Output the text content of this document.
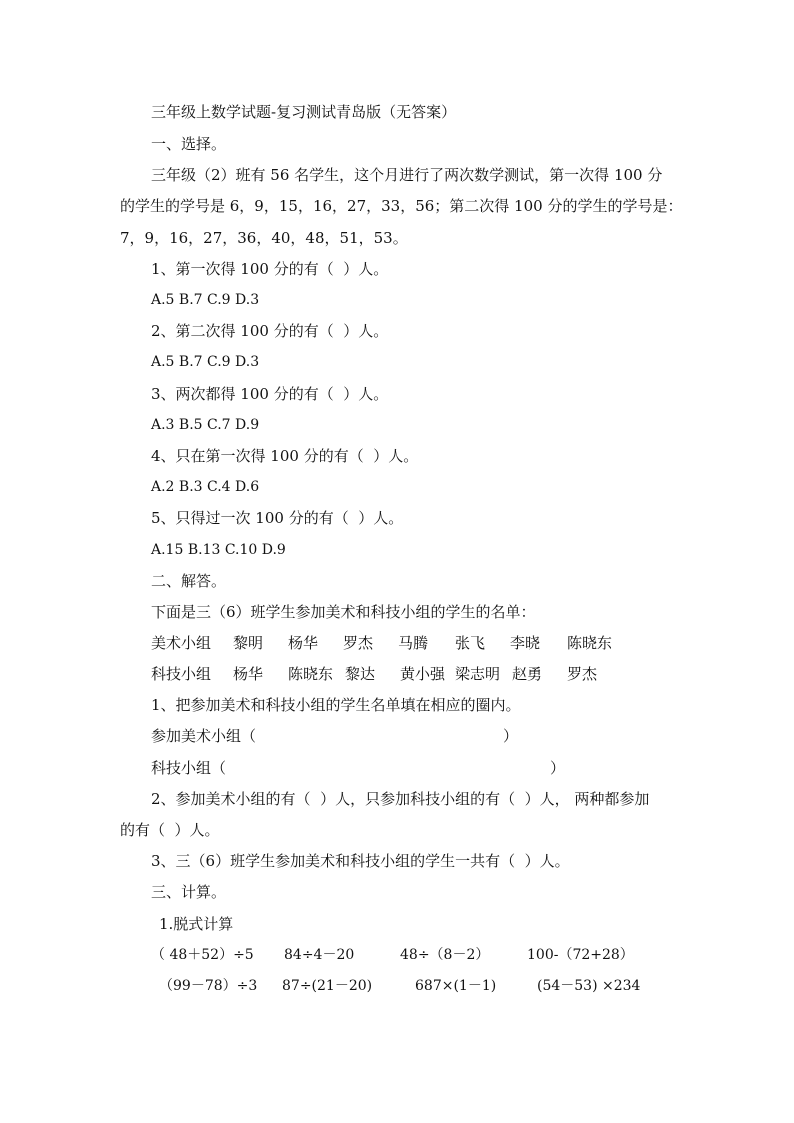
三年级上数学试题-复习测试青岛版（无答案）
一、选择。
三年级（2）班有 56 名学生，这个月进行了两次数学测试，第一次得 100 分
的学生的学号是 6，9，15，16，27，33，56；第二次得 100 分的学生的学号是：
7，9，16，27，36，40，48，51，53。
1、第一次得 100 分的有（  ）人。
A.5 B.7 C.9 D.3
2、第二次得 100 分的有（  ）人。
A.5 B.7 C.9 D.3
3、两次都得 100 分的有（  ）人。
A.3 B.5 C.7 D.9
4、只在第一次得 100 分的有（  ）人。
A.2 B.3 C.4 D.6
5、只得过一次 100 分的有（  ）人。
A.15 B.13 C.10 D.9
二、解答。
下面是三（6）班学生参加美术和科技小组的学生的名单：
美术小组 黎明 杨华 罗杰 马腾 张飞 李晓 陈晓东
科技小组 杨华 陈晓东 黎达 黄小强 梁志明 赵勇 罗杰
1、把参加美术和科技小组的学生名单填在相应的圈内。
参加美术小组（	）
科技小组（	）
2、参加美术小组的有（  ）人，只参加科技小组的有（  ）人， 两种都参加
的有（  ）人。
3、三（6）班学生参加美术和科技小组的学生一共有（  ）人。
三、计算。
1.脱式计算
（ 48＋52）÷5 84÷4－20	48÷（8－2）	100-（72+28）
（99－78）÷3 87÷(21－20)	687×(1－1)	(54－53) ×234
